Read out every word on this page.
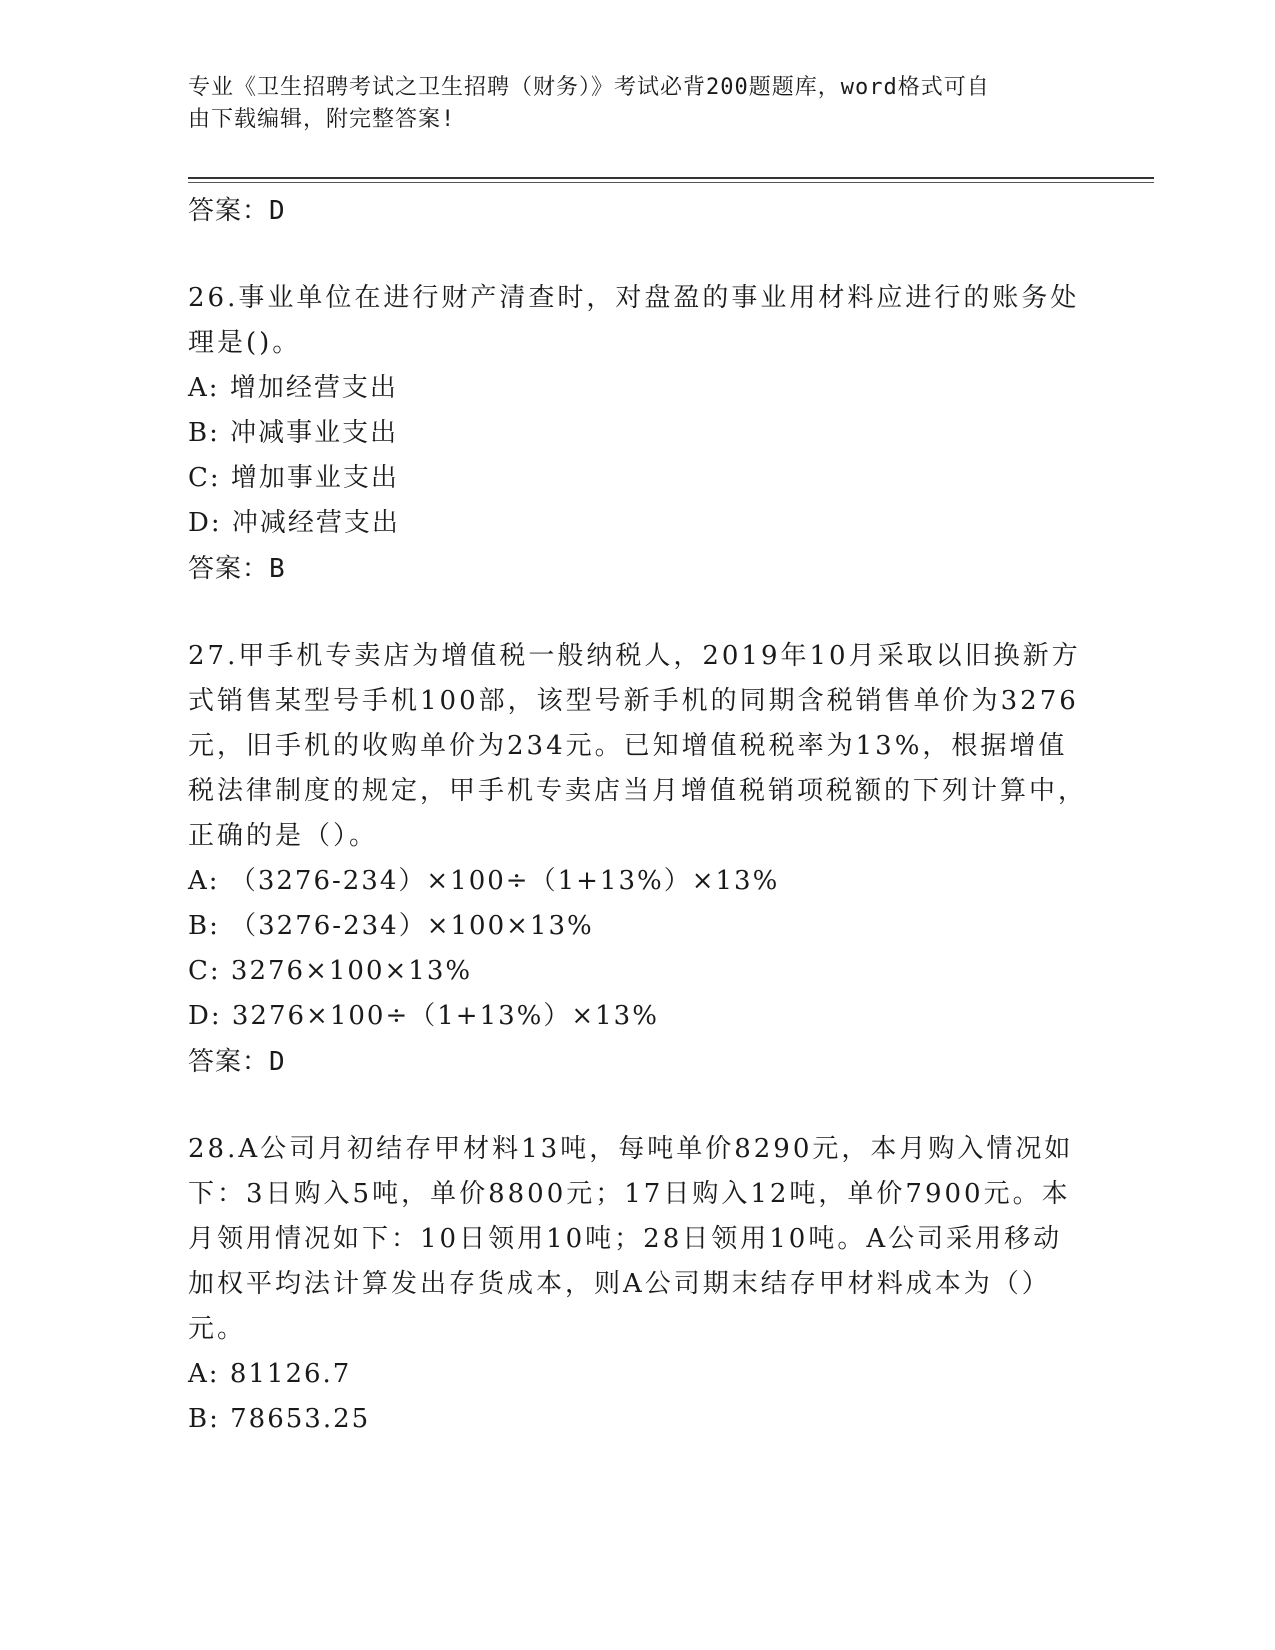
专业《卫生招聘考试之卫生招聘（财务）》考试必背200题题库，word格式可自
由下载编辑，附完整答案!
答案：D

26.事业单位在进行财产清查时，对盘盈的事业用材料应进行的账务处理是()。

A: 增加经营支出
B: 冲减事业支出
C: 增加事业支出
D: 冲减经营支出
答案：B

27.甲手机专卖店为增值税一般纳税人，2019年10月采取以旧换新方式销售某型号手机100部，该型号新手机的同期含税销售单价为3276元，旧手机的收购单价为234元。已知增值税税率为13%，根据增值税法律制度的规定，甲手机专卖店当月增值税销项税额的下列计算中，正确的是（）。

A: （3276-234）×100÷（1+13%）×13%
B: （3276-234）×100×13%
C: 3276×100×13%
D: 3276×100÷（1+13%）×13%
答案：D

28.A公司月初结存甲材料13吨，每吨单价8290元，本月购入情况如下：3日购入5吨，单价8800元；17日购入12吨，单价7900元。本月领用情况如下：10日领用10吨；28日领用10吨。A公司采用移动加权平均法计算发出存货成本，则A公司期末结存甲材料成本为（）元。

A: 81126.7
B: 78653.25
